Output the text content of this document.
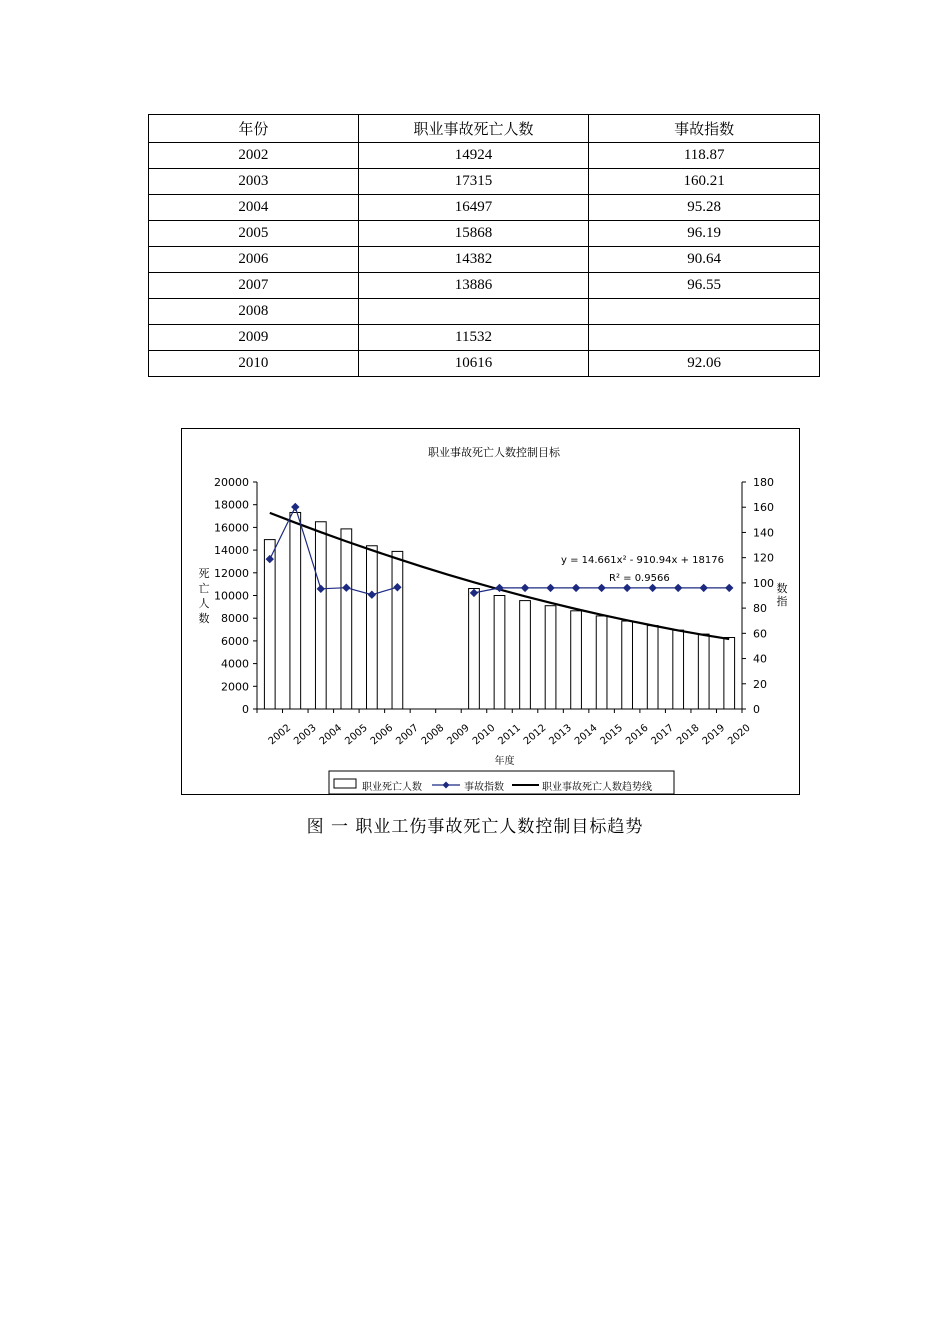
年份	职业事故死亡人数	事故指数
2002	14924	118.87
2003	17315	160.21
2004	16497	95.28
2005	15868	96.19
2006	14382	90.64
2007	13886	96.55
2008		
2009	11532	
2010	10616	92.06
职业事故死亡人数控制目标
0
2000
4000
6000
8000
10000
12000
14000
16000
18000
20000
0
20
40
60
80
100
120
140
160
180
死
亡
人
数
数
指
2002
2003
2004
2005
2006
2007
2008
2009
2010
2011
2012
2013
2014
2015
2016
2017
2018
2019
2020
年度
y = 14.661x² - 910.94x + 18176
R² = 0.9566
职业死亡人数	事故指数	职业事故死亡人数趋势线
图 一 职业工伤事故死亡人数控制目标趋势
